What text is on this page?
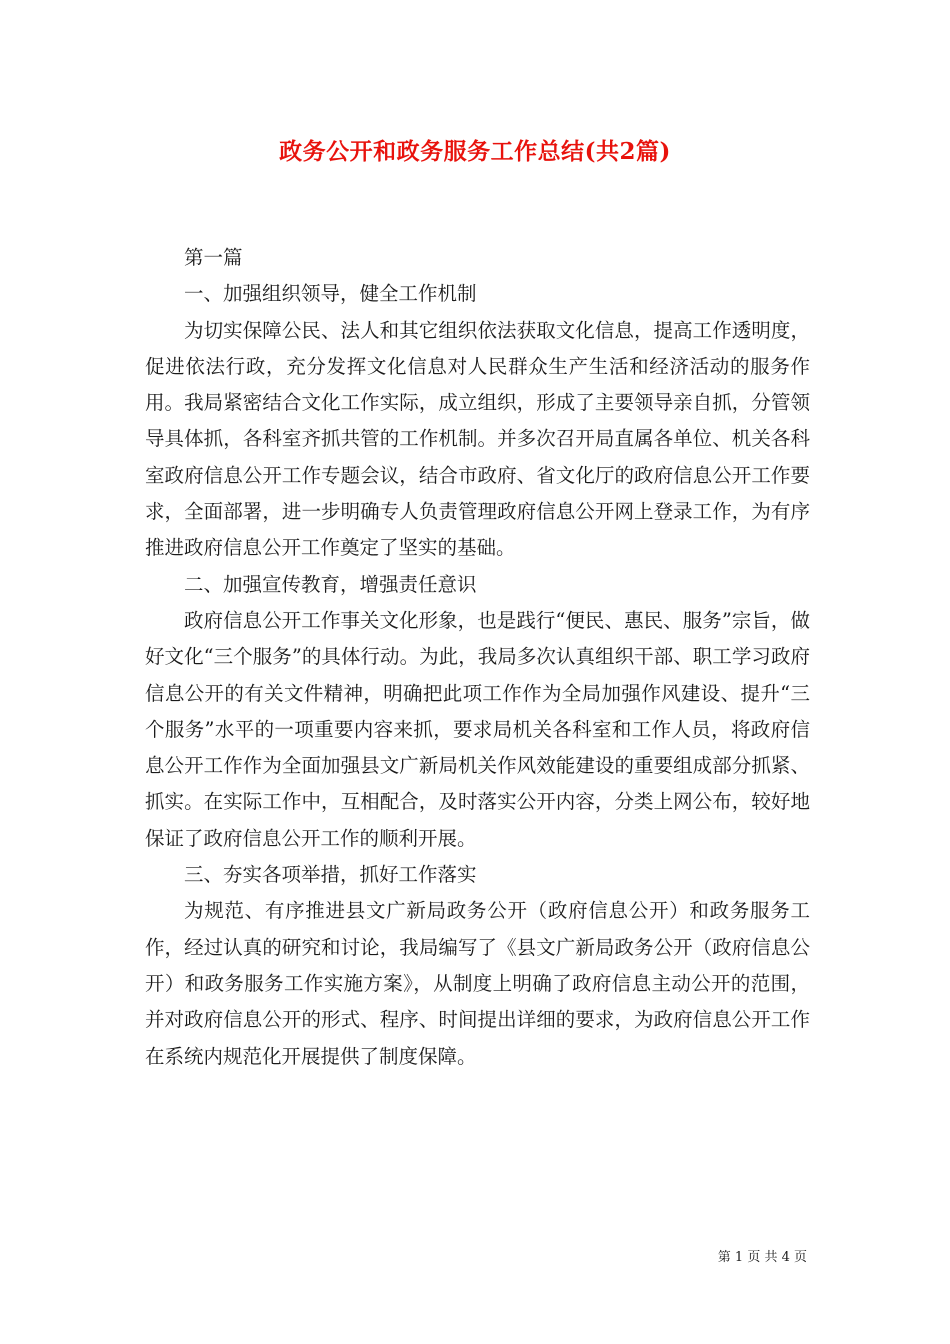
政务公开和政务服务工作总结(共2篇)

第一篇

一、加强组织领导，健全工作机制

为切实保障公民、法人和其它组织依法获取文化信息，提高工作透明度，促进依法行政，充分发挥文化信息对人民群众生产生活和经济活动的服务作用。我局紧密结合文化工作实际，成立组织，形成了主要领导亲自抓，分管领导具体抓，各科室齐抓共管的工作机制。并多次召开局直属各单位、机关各科室政府信息公开工作专题会议，结合市政府、省文化厅的政府信息公开工作要求，全面部署，进一步明确专人负责管理政府信息公开网上登录工作，为有序推进政府信息公开工作奠定了坚实的基础。

二、加强宣传教育，增强责任意识

政府信息公开工作事关文化形象，也是践行“便民、惠民、服务”宗旨，做好文化“三个服务”的具体行动。为此，我局多次认真组织干部、职工学习政府信息公开的有关文件精神，明确把此项工作作为全局加强作风建设、提升“三个服务”水平的一项重要内容来抓，要求局机关各科室和工作人员，将政府信息公开工作作为全面加强县文广新局机关作风效能建设的重要组成部分抓紧、抓实。在实际工作中，互相配合，及时落实公开内容，分类上网公布，较好地保证了政府信息公开工作的顺利开展。

三、夯实各项举措，抓好工作落实

为规范、有序推进县文广新局政务公开（政府信息公开）和政务服务工作，经过认真的研究和讨论，我局编写了《县文广新局政务公开（政府信息公开）和政务服务工作实施方案》，从制度上明确了政府信息主动公开的范围，并对政府信息公开的形式、程序、时间提出详细的要求，为政府信息公开工作在系统内规范化开展提供了制度保障。

第 1 页 共 4 页
